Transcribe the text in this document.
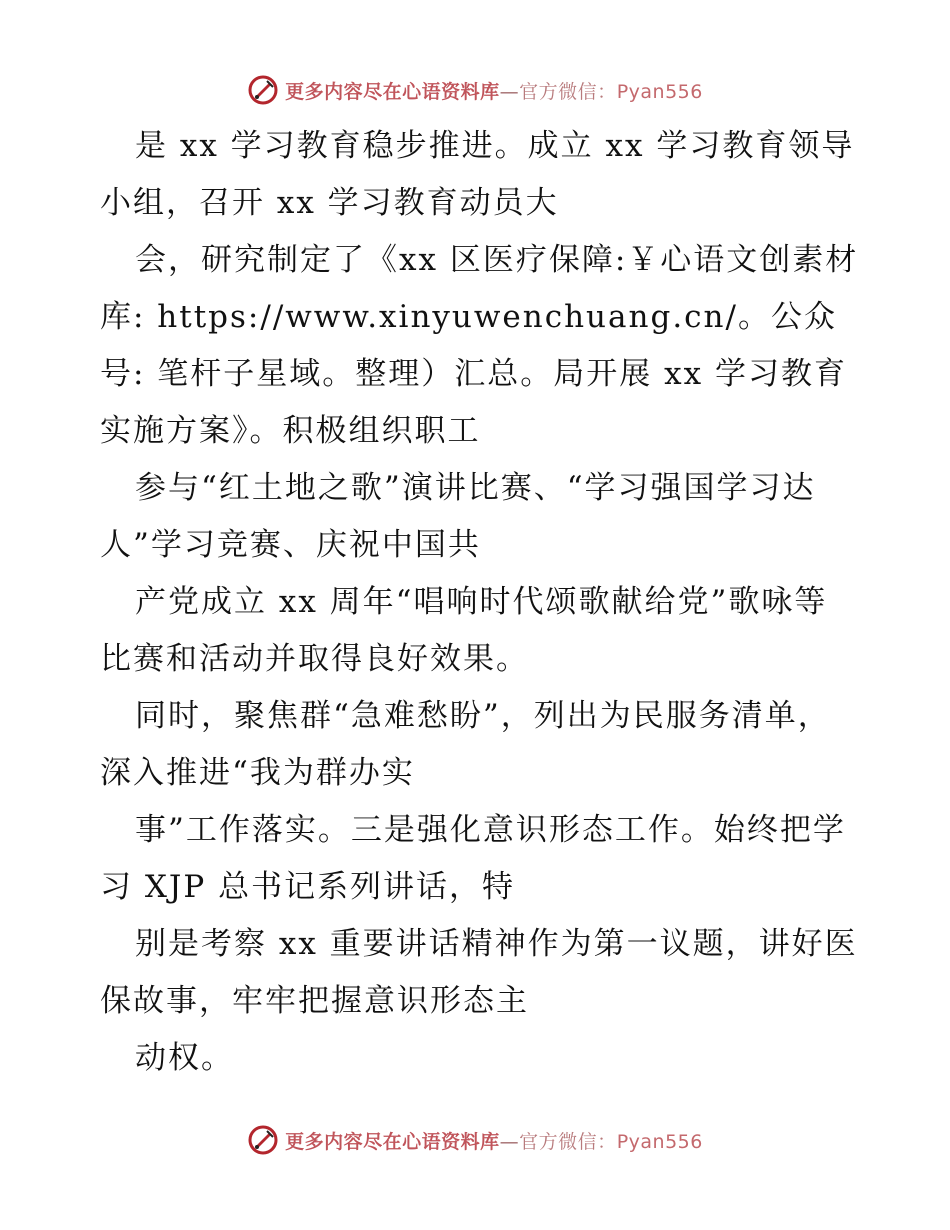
更多内容尽在心语资料库—官方微信：Pyan556

是 xx 学习教育稳步推进。成立 xx 学习教育领导小组，召开 xx 学习教育动员大

会，研究制定了《xx 区医疗保障:￥心语文创素材库: https://www.xinyuwenchuang.cn/。公众号: 笔杆子星域。整理）汇总。局开展 xx 学习教育实施方案》。积极组织职工

参与“红土地之歌”演讲比赛、“学习强国学习达人”学习竞赛、庆祝中国共

产党成立 xx 周年“唱响时代颂歌献给党”歌咏等比赛和活动并取得良好效果。

同时，聚焦群“急难愁盼”，列出为民服务清单，深入推进“我为群办实

事”工作落实。三是强化意识形态工作。始终把学习 XJP 总书记系列讲话，特

别是考察 xx 重要讲话精神作为第一议题，讲好医保故事，牢牢把握意识形态主

动权。

更多内容尽在心语资料库—官方微信：Pyan556
